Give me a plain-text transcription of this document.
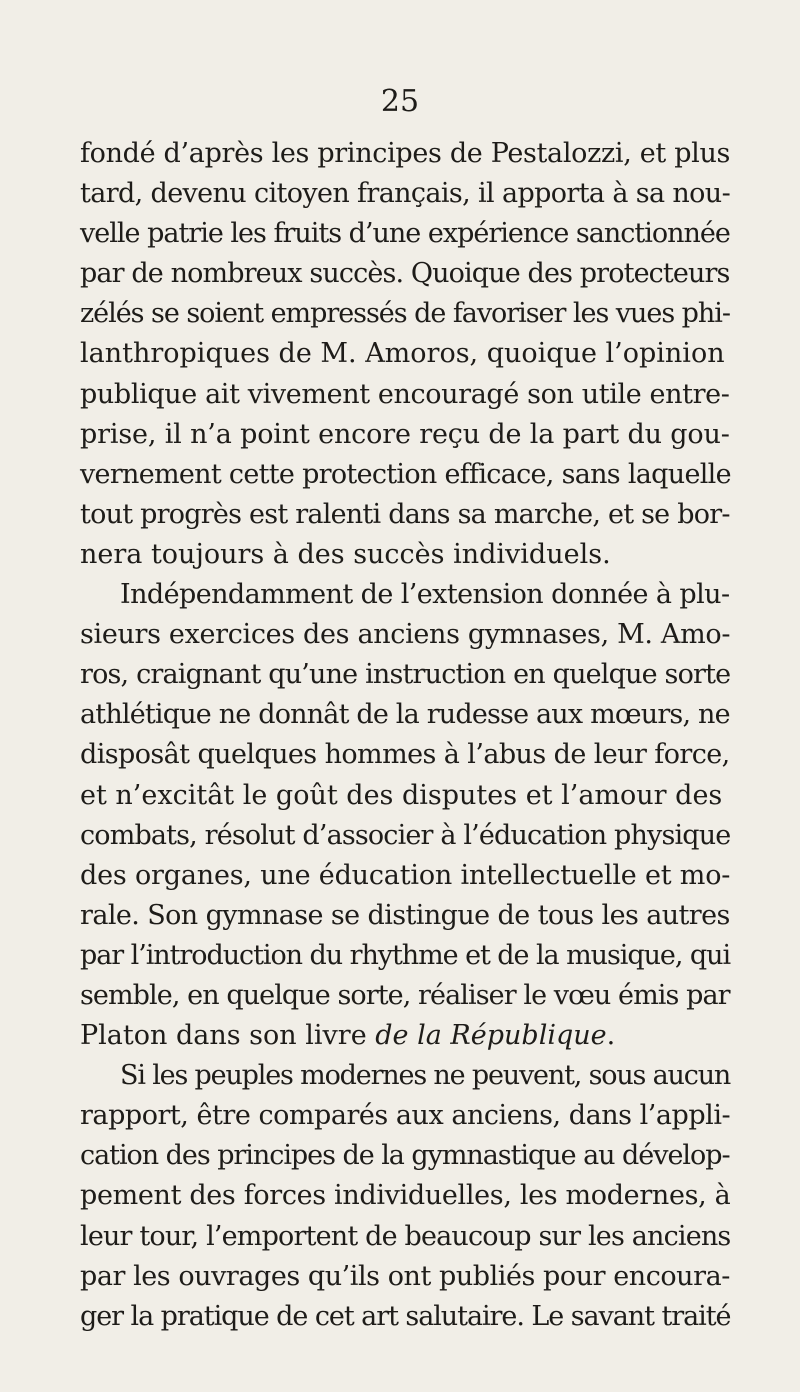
25
fondé d’après les principes de Pestalozzi, et plus
tard, devenu citoyen français, il apporta à sa nou-
velle patrie les fruits d’une expérience sanctionnée
par de nombreux succès. Quoique des protecteurs
zélés se soient empressés de favoriser les vues phi-
lanthropiques de M. Amoros, quoique l’opinion
publique ait vivement encouragé son utile entre-
prise, il n’a point encore reçu de la part du gou-
vernement cette protection efficace, sans laquelle
tout progrès est ralenti dans sa marche, et se bor-
nera toujours à des succès individuels.
Indépendamment de l’extension donnée à plu-
sieurs exercices des anciens gymnases, M. Amo-
ros, craignant qu’une instruction en quelque sorte
athlétique ne donnât de la rudesse aux mœurs, ne
disposât quelques hommes à l’abus de leur force,
et n’excitât le goût des disputes et l’amour des
combats, résolut d’associer à l’éducation physique
des organes, une éducation intellectuelle et mo-
rale. Son gymnase se distingue de tous les autres
par l’introduction du rhythme et de la musique, qui
semble, en quelque sorte, réaliser le vœu émis par
Platon dans son livre de la République.
Si les peuples modernes ne peuvent, sous aucun
rapport, être comparés aux anciens, dans l’appli-
cation des principes de la gymnastique au dévelop-
pement des forces individuelles, les modernes, à
leur tour, l’emportent de beaucoup sur les anciens
par les ouvrages qu’ils ont publiés pour encoura-
ger la pratique de cet art salutaire. Le savant traité
